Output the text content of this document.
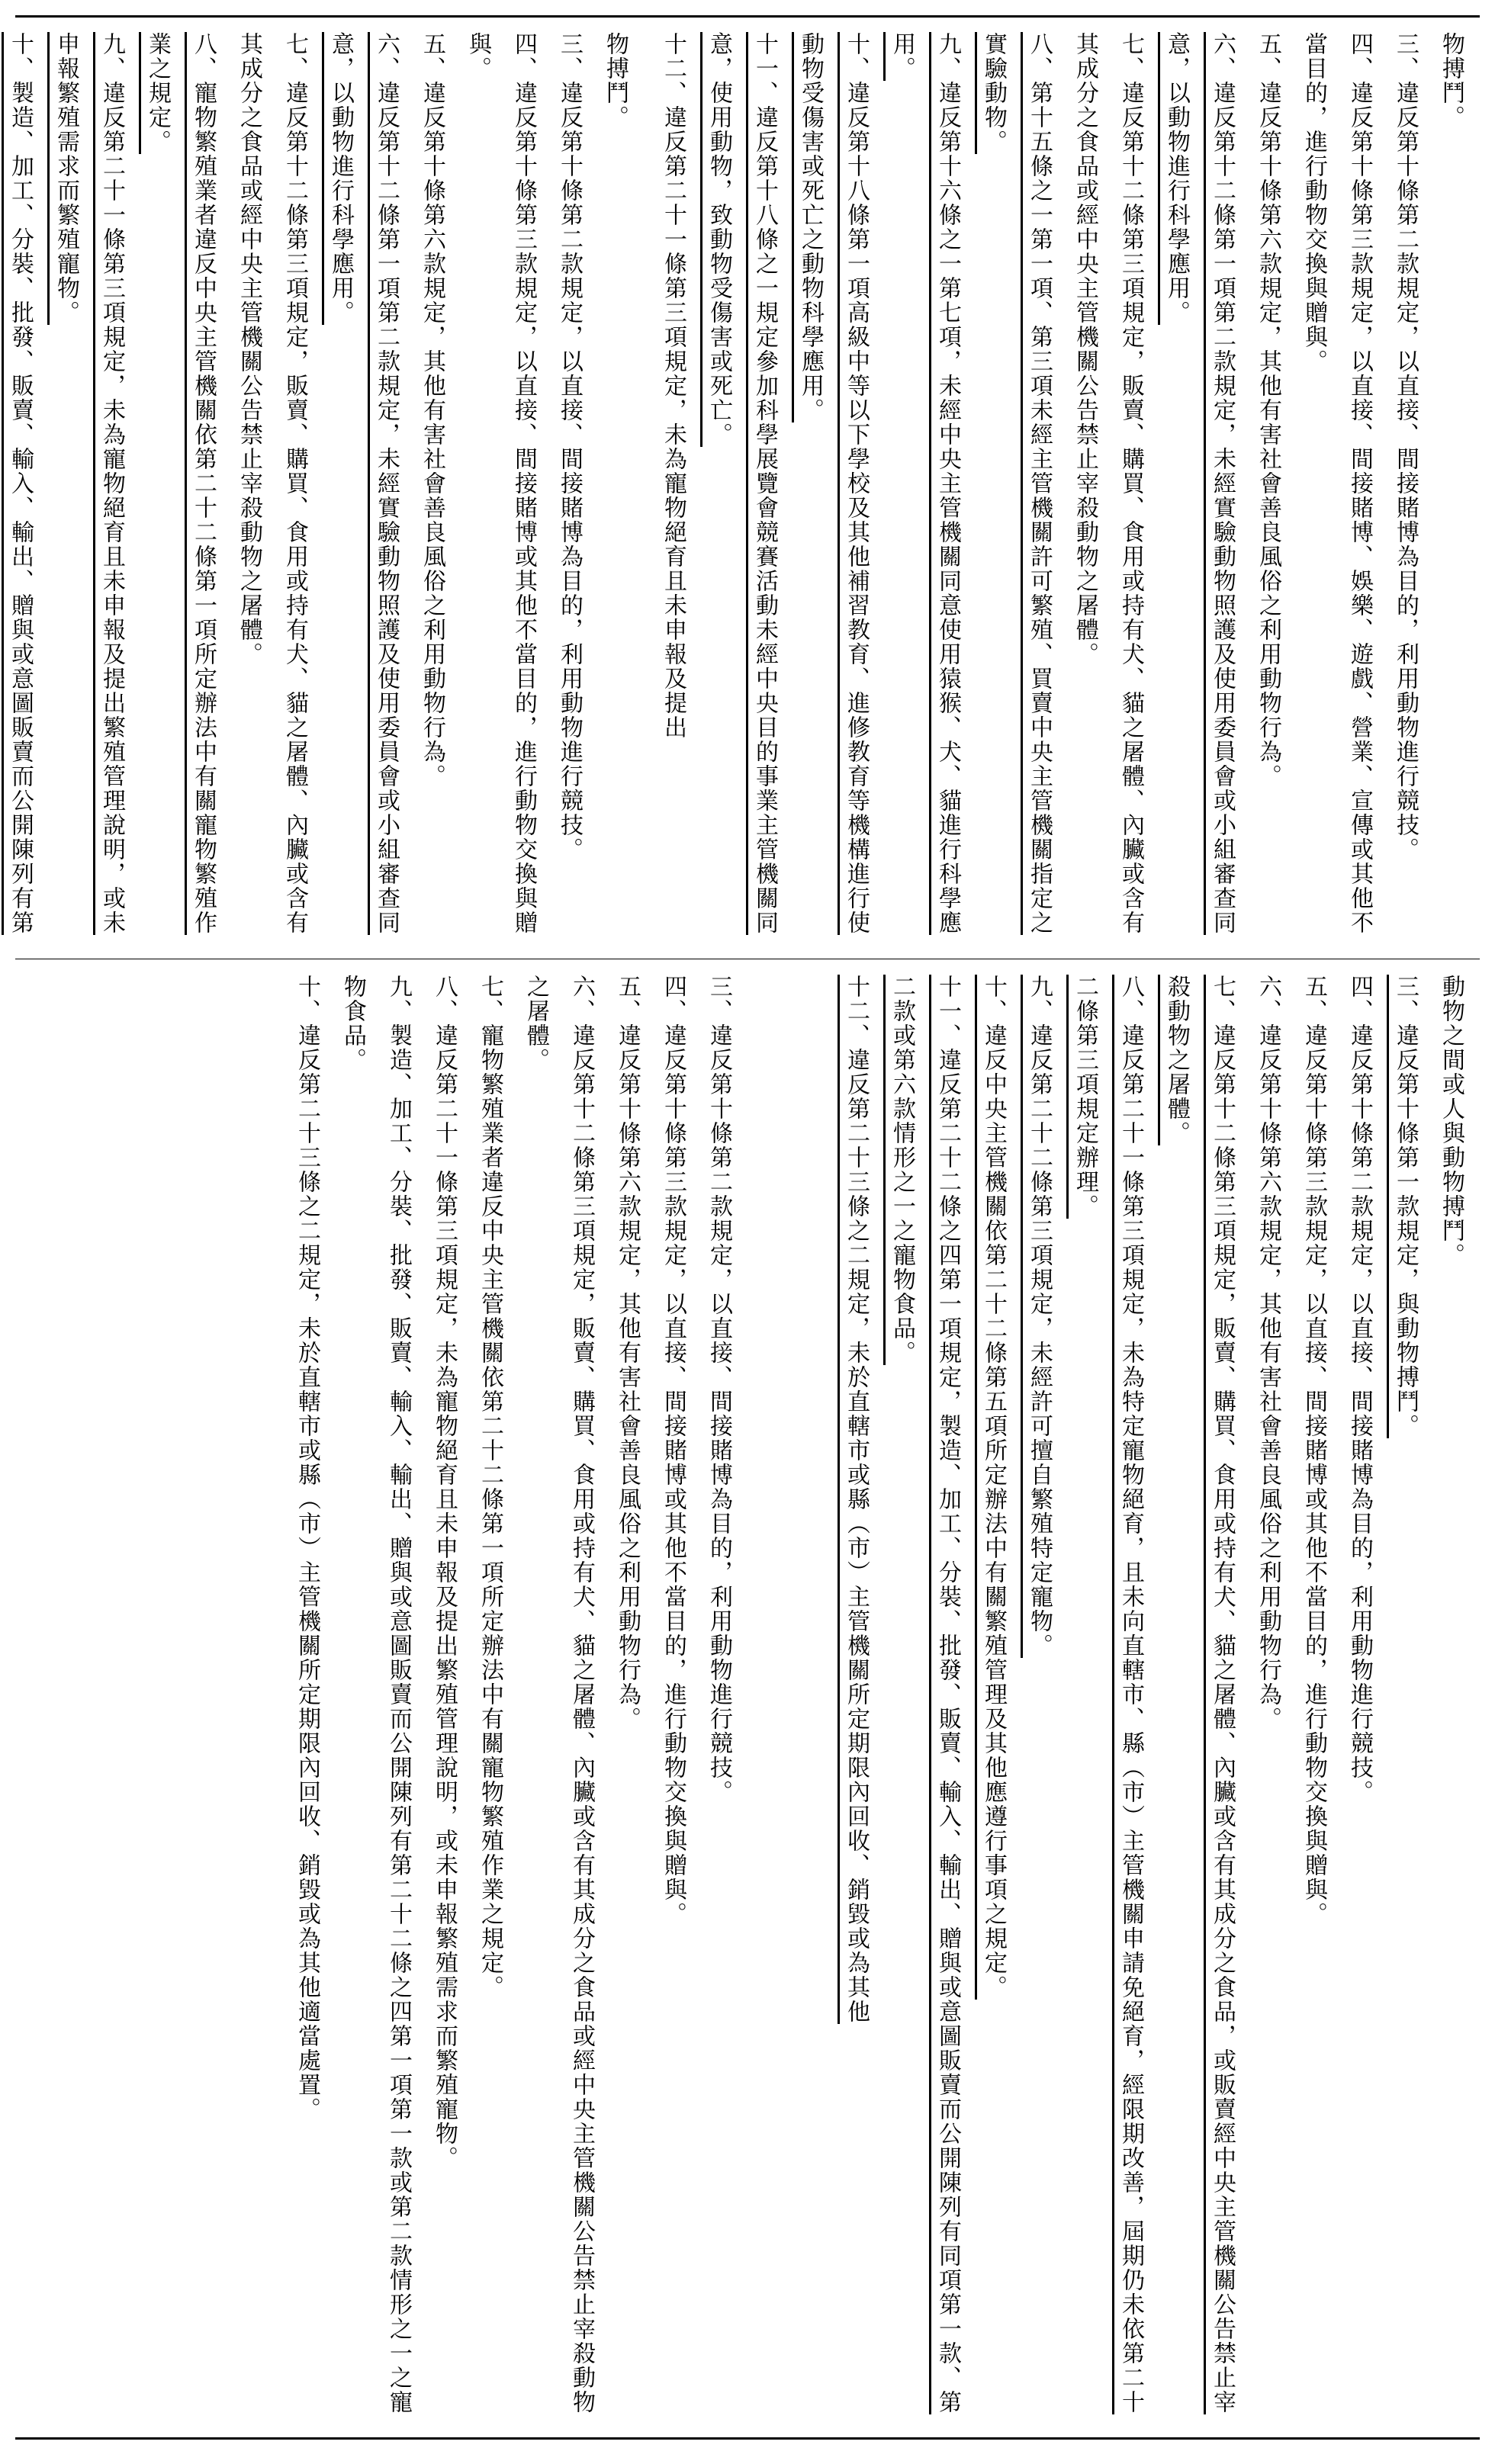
物搏鬥。
三、違反第十條第二款規定，以直接、間接賭博為目的，利用動物進行競技。
四、違反第十條第三款規定，以直接、間接賭博、娛樂、遊戲、營業、宣傳或其他不當目的，進行動物交換與贈與。
五、違反第十條第六款規定，其他有害社會善良風俗之利用動物行為。
六、違反第十二條第一項第二款規定，未經實驗動物照護及使用委員會或小組審查同意，以動物進行科學應用。
七、違反第十二條第三項規定，販賣、購買、食用或持有犬、貓之屠體、內臟或含有其成分之食品或經中央主管機關公告禁止宰殺動物之屠體。
八、第十五條之一第一項、第三項未經主管機關許可繁殖、買賣中央主管機關指定之實驗動物。
九、違反第十六條之一第七項，未經中央主管機關同意使用猿猴、犬、貓進行科學應用。
十、違反第十八條第一項高級中等以下學校及其他補習教育、進修教育等機構進行使動物受傷害或死亡之動物科學應用。
十一、違反第十八條之一規定參加科學展覽會競賽活動未經中央目的事業主管機關同意，使用動物，致動物受傷害或死亡。
十二、違反第二十一條第三項規定，未為寵物絕育且未申報及提出
物搏鬥。
三、違反第十條第二款規定，以直接、間接賭博為目的，利用動物進行競技。
四、違反第十條第三款規定，以直接、間接賭博或其他不當目的，進行動物交換與贈與。
五、違反第十條第六款規定，其他有害社會善良風俗之利用動物行為。
六、違反第十二條第一項第二款規定，未經實驗動物照護及使用委員會或小組審查同意，以動物進行科學應用。
七、違反第十二條第三項規定，販賣、購買、食用或持有犬、貓之屠體、內臟或含有其成分之食品或經中央主管機關公告禁止宰殺動物之屠體。
八、寵物繁殖業者違反中央主管機關依第二十二條第一項所定辦法中有關寵物繁殖作業之規定。
九、違反第二十一條第三項規定，未為寵物絕育且未申報及提出繁殖管理說明，或未申報繁殖需求而繁殖寵物。
十、製造、加工、分裝、批發、販賣、輸入、輸出、贈與或意圖販賣而公開陳列有第
動物之間或人與動物搏鬥。
三、違反第十條第一款規定，與動物搏鬥。
四、違反第十條第二款規定，以直接、間接賭博為目的，利用動物進行競技。
五、違反第十條第三款規定，以直接、間接賭博或其他不當目的，進行動物交換與贈與。
六、違反第十條第六款規定，其他有害社會善良風俗之利用動物行為。
七、違反第十二條第三項規定，販賣、購買、食用或持有犬、貓之屠體、內臟或含有其成分之食品，或販賣經中央主管機關公告禁止宰殺動物之屠體。
八、違反第二十一條第三項規定，未為特定寵物絕育，且未向直轄市、縣（市）主管機關申請免絕育，經限期改善，屆期仍未依第二十二條第三項規定辦理。
九、違反第二十二條第三項規定，未經許可擅自繁殖特定寵物。
十、違反中央主管機關依第二十二條第五項所定辦法中有關繁殖管理及其他應遵行事項之規定。
十一、違反第二十二條之四第一項規定，製造、加工、分裝、批發、販賣、輸入、輸出、贈與或意圖販賣而公開陳列有同項第一款、第二款或第六款情形之一之寵物食品。
十二、違反第二十三條之二規定，未於直轄市或縣（市）主管機關所定期限內回收、銷毀或為其他
三、違反第十條第二款規定，以直接、間接賭博為目的，利用動物進行競技。
四、違反第十條第三款規定，以直接、間接賭博或其他不當目的，進行動物交換與贈與。
五、違反第十條第六款規定，其他有害社會善良風俗之利用動物行為。
六、違反第十二條第三項規定，販賣、購買、食用或持有犬、貓之屠體、內臟或含有其成分之食品或經中央主管機關公告禁止宰殺動物之屠體。
七、寵物繁殖業者違反中央主管機關依第二十二條第一項所定辦法中有關寵物繁殖作業之規定。
八、違反第二十一條第三項規定，未為寵物絕育且未申報及提出繁殖管理說明，或未申報繁殖需求而繁殖寵物。
九、製造、加工、分裝、批發、販賣、輸入、輸出、贈與或意圖販賣而公開陳列有第二十二條之四第一項第一款或第二款情形之一之寵物食品。
十、違反第二十三條之二規定，未於直轄市或縣（市）主管機關所定期限內回收、銷毀或為其他適當處置。
